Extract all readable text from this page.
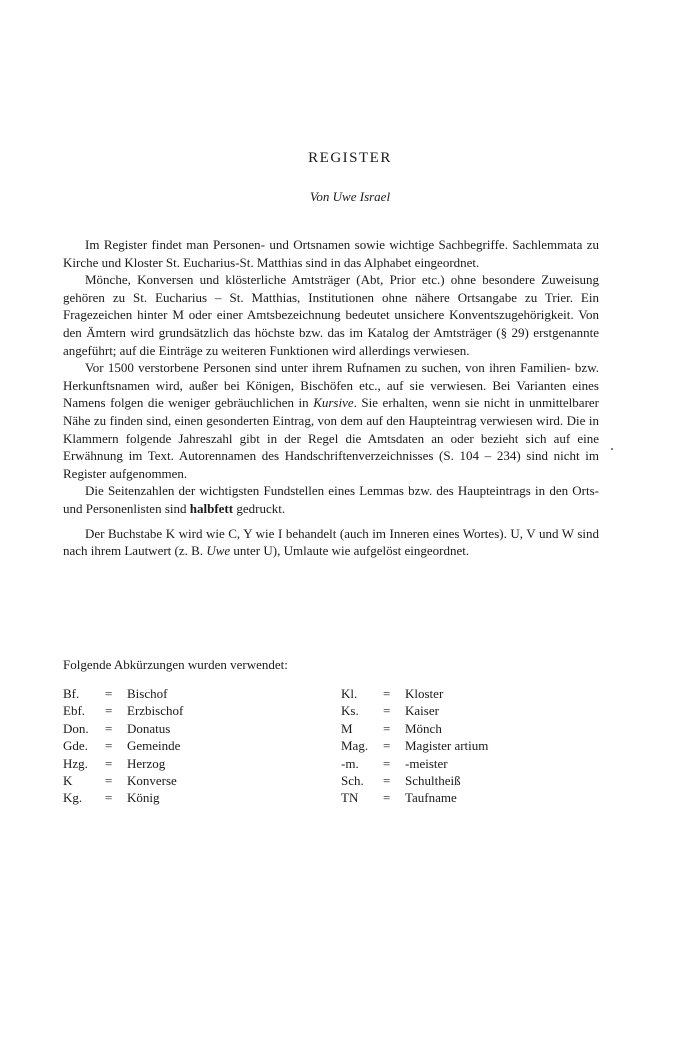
REGISTER
Von Uwe Israel

Im Register findet man Personen- und Ortsnamen sowie wichtige Sachbegriffe. Sachlemmata zu Kirche und Kloster St. Eucharius-St. Matthias sind in das Alphabet eingeordnet.

Mönche, Konversen und klösterliche Amtsträger (Abt, Prior etc.) ohne besondere Zuweisung gehören zu St. Eucharius – St. Matthias, Institutionen ohne nähere Ortsangabe zu Trier. Ein Fragezeichen hinter M oder einer Amtsbezeichnung bedeutet unsichere Konventszugehörigkeit. Von den Ämtern wird grundsätzlich das höchste bzw. das im Katalog der Amtsträger (§ 29) erstgenannte angeführt; auf die Einträge zu weiteren Funktionen wird allerdings verwiesen.

Vor 1500 verstorbene Personen sind unter ihrem Rufnamen zu suchen, von ihren Familien- bzw. Herkunftsnamen wird, außer bei Königen, Bischöfen etc., auf sie verwiesen. Bei Varianten eines Namens folgen die weniger gebräuchlichen in Kursive. Sie erhalten, wenn sie nicht in unmittelbarer Nähe zu finden sind, einen gesonderten Eintrag, von dem auf den Haupteintrag verwiesen wird. Die in Klammern folgende Jahreszahl gibt in der Regel die Amtsdaten an oder bezieht sich auf eine Erwähnung im Text. Autorennamen des Handschriftenverzeichnisses (S. 104 – 234) sind nicht im Register aufgenommen.

Die Seitenzahlen der wichtigsten Fundstellen eines Lemmas bzw. des Haupteintrags in den Orts- und Personenlisten sind halbfett gedruckt.

Der Buchstabe K wird wie C, Y wie I behandelt (auch im Inneren eines Wortes). U, V und W sind nach ihrem Lautwert (z. B. Uwe unter U), Umlaute wie aufgelöst eingeordnet.

Folgende Abkürzungen wurden verwendet:
Bf.	=	Bischof
Ebf.	=	Erzbischof
Don.	=	Donatus
Gde.	=	Gemeinde
Hzg.	=	Herzog
K	=	Konverse
Kg.	=	König
Kl.	=	Kloster
Ks.	=	Kaiser
M	=	Mönch
Mag.	=	Magister artium
-m.	=	-meister
Sch.	=	Schultheiß
TN	=	Taufname
